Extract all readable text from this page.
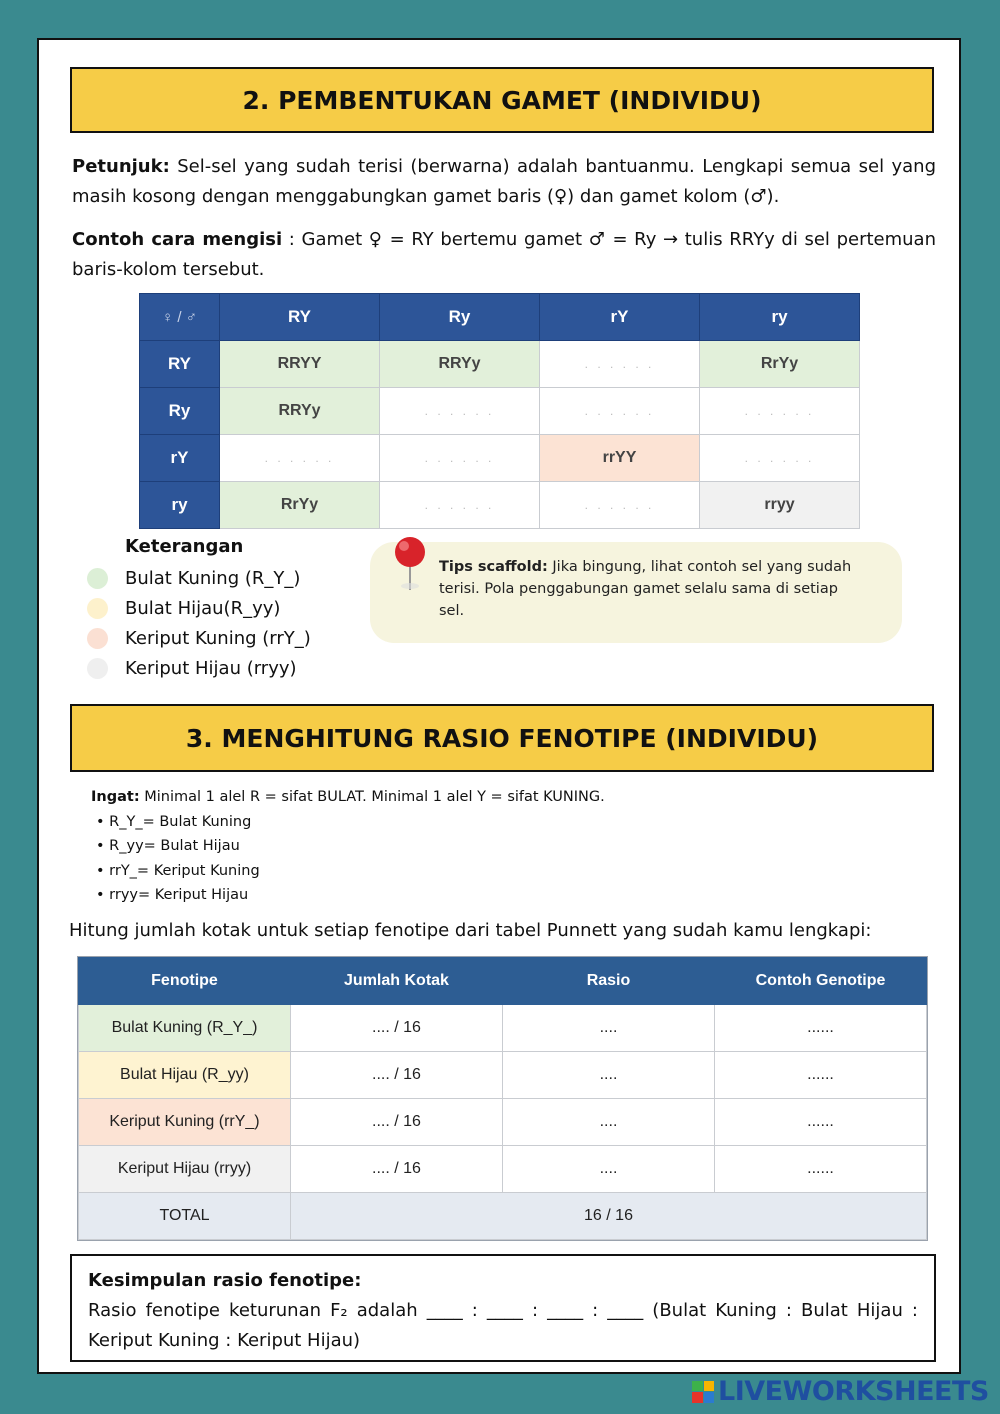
2. PEMBENTUKAN GAMET (INDIVIDU)
Petunjuk: Sel-sel yang sudah terisi (berwarna) adalah bantuanmu. Lengkapi semua sel yang masih kosong dengan menggabungkan gamet baris (♀) dan gamet kolom (♂).
Contoh cara mengisi : Gamet ♀ = RY bertemu gamet ♂ = Ry → tulis RRYy di sel pertemuan baris-kolom tersebut.
♀ / ♂	RY	Ry	rY	ry
RY	RRYY	RRYy	. . . . . .	RrYy
Ry	RRYy	. . . . . .	. . . . . .	. . . . . .
rY	. . . . . .	. . . . . .	rrYY	. . . . . .
ry	RrYy	. . . . . .	. . . . . .	rryy
Keterangan
Bulat Kuning (R_Y_)
Bulat Hijau(R_yy)
Keriput Kuning (rrY_)
Keriput Hijau (rryy)
Tips scaffold: Jika bingung, lihat contoh sel yang sudah terisi. Pola penggabungan gamet selalu sama di setiap sel.
3. MENGHITUNG RASIO FENOTIPE (INDIVIDU)
Ingat: Minimal 1 alel R = sifat BULAT. Minimal 1 alel Y = sifat KUNING.
• R_Y_= Bulat Kuning
• R_yy= Bulat Hijau
• rrY_= Keriput Kuning
• rryy= Keriput Hijau
Hitung jumlah kotak untuk setiap fenotipe dari tabel Punnett yang sudah kamu lengkapi:
Fenotipe	Jumlah Kotak	Rasio	Contoh Genotipe
Bulat Kuning (R_Y_)	.... / 16	....	......
Bulat Hijau (R_yy)	.... / 16	....	......
Keriput Kuning (rrY_)	.... / 16	....	......
Keriput Hijau (rryy)	.... / 16	....	......
TOTAL	16 / 16		
Kesimpulan rasio fenotipe:
Rasio fenotipe keturunan F₂ adalah ____ : ____ : ____ : ____ (Bulat Kuning : Bulat Hijau : Keriput Kuning : Keriput Hijau)
LIVEWORKSHEETS
